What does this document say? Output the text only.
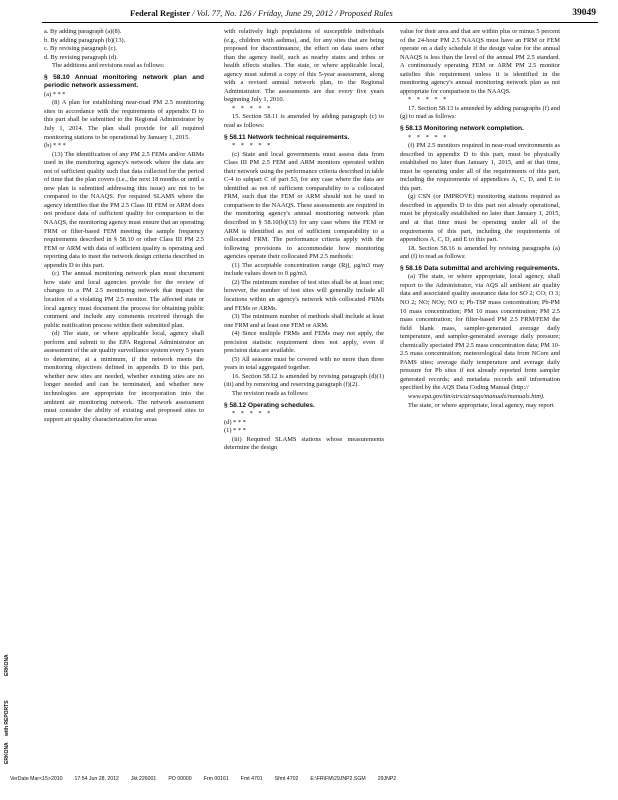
Federal Register / Vol. 77, No. 126 / Friday, June 29, 2012 / Proposed Rules	39049

a. By adding paragraph (a)(8).

b. By adding paragraph (b)(13).

c. By revising paragraph (c).

d. By revising paragraph (d).

The additions and revisions read as follows:

§ 58.10 Annual monitoring network plan and periodic network assessment.

(a) * * *

(8) A plan for establishing near-road PM 2.5 monitoring sites in accordance with the requirements of appendix D to this part shall be submitted to the Regional Administrator by July 1, 2014. The plan shall provide for all required monitoring stations to be operational by January 1, 2015.

(b) * * *

(13) The identification of any PM 2.5 FEMs and/or ARMs used in the monitoring agency's network where the data are not of sufficient quality such that data collected for the period of time that the plan covers (i.e., the next 18 months or until a new plan is submitted addressing this issue) are not to be compared to the NAAQS. For required SLAMS where the agency identifies that the PM 2.5 Class III FEM or ARM does not produce data of sufficient quality for comparison to the NAAQS, the monitoring agency must ensure that an operating FRM or filter-based FEM meeting the sample frequency requirements described in § 58.10 or other Class III PM 2.5 FEM or ARM with data of sufficient quality is operating and reporting data to meet the network design criteria described in appendix D to this part.

(c) The annual monitoring network plan must document how state and local agencies provide for the review of changes to a PM 2.5 monitoring network that impact the location of a violating PM 2.5 monitor. The affected state or local agency must document the process for obtaining public comment and include any comments received through the public notification process within their submitted plan.

(d) The state, or where applicable local, agency shall perform and submit to the EPA Regional Administrator an assessment of the air quality surveillance system every 5 years to determine, at a minimum, if the network meets the monitoring objectives defined in appendix D to this part, whether new sites are needed, whether existing sites are no longer needed and can be terminated, and whether new technologies are appropriate for incorporation into the ambient air monitoring network. The network assessment must consider the ability of existing and proposed sites to support air quality characterization for areas

with relatively high populations of susceptible individuals (e.g., children with asthma), and, for any sites that are being proposed for discontinuance, the effect on data users other than the agency itself, such as nearby states and tribes or health effects studies. The state, or where applicable local, agency must submit a copy of this 5-year assessment, along with a revised annual network plan, to the Regional Administrator. The assessments are due every five years beginning July 1, 2010.

* * * * *

15. Section 58.11 is amended by adding paragraph (c) to read as follows:

§ 58.11 Network technical requirements.

* * * * *

(c) State and local governments must assess data from Class III PM 2.5 FEM and ARM monitors operated within their network using the performance criteria described in table C-4 to subpart C of part 53, for any case where the data are identified as not of sufficient comparability to a collocated FRM, such that the FEM or ARM should not be used in comparison to the NAAQS. These assessments are required in the monitoring agency's annual monitoring network plan described in § 58.10(b)(13) for any case where the FEM or ARM is identified as not of sufficient comparability to a collocated FRM. The performance criteria apply with the following provisions to accommodate how monitoring agencies operate their collocated PM 2.5 methods:

(1) The acceptable concentration range (Rj), μg/m3 may include values down to 0 μg/m3.

(2) The minimum number of test sites shall be at least one; however, the number of test sites will generally include all locations within an agency's network with collocated FRMs and FEMs or ARMs.

(3) The minimum number of methods shall include at least one FRM and at least one FEM or ARM.

(4) Since multiple FRMs and FEMs may not apply, the precision statistic requirement does not apply, even if precision data are available.

(5) All seasons must be covered with no more than three years in total aggregated together.

16. Section 58.12 is amended by revising paragraph (d)(1)(iii) and by removing and reserving paragraph (f)(2).

The revision reads as follows:

§ 58.12 Operating schedules.

* * * * *

(d) * * *

(1) * * *

(iii) Required SLAMS stations whose measurements determine the design

value for their area and that are within plus or minus 5 percent of the 24-hour PM 2.5 NAAQS must have an FRM or FEM operate on a daily schedule if the design value for the annual NAAQS is less than the level of the annual PM 2.5 standard. A continuously operating FEM or ARM PM 2.5 monitor satisfies this requirement unless it is identified in the monitoring agency's annual monitoring network plan as not appropriate for comparison to the NAAQS.

* * * * *

17. Section 58.13 is amended by adding paragraphs (f) and (g) to read as follows:

§ 58.13 Monitoring network completion.

* * * * *

(f) PM 2.5 monitors required in near-road environments as described in appendix D to this part, must be physically established no later than January 1, 2015, and at that time, must be operating under all of the requirements of this part, including the requirements of appendices A, C, D, and E to this part.

(g) CSN (or IMPROVE) monitoring stations required as described in appendix D to this part not already operational, must be physically established no later than January 1, 2015, and at that time must be operating under all of the requirements of this part, including the requirements of appendices A, C, D, and E to this part.

18. Section 58.16 is amended by revising paragraphs (a) and (f) to read as follows:

§ 58.16 Data submittal and archiving requirements.

(a) The state, or where appropriate, local agency, shall report to the Administrator, via AQS all ambient air quality data and associated quality assurance data for SO 2; CO; O 3; NO 2; NO; NOy; NO x; Pb-TSP mass concentration; Pb-PM 10 mass concentration; PM 10 mass concentration; PM 2.5 mass concentration; for filter-based PM 2.5 FRM/FEM the field blank mass, sampler-generated average daily temperature, and sampler-generated average daily pressure; chemically speciated PM 2.5 mass concentration data; PM 10-2.5 mass concentration; meteorological data from NCore and PAMS sites; average daily temperature and average daily pressure for Pb sites if not already reported from sampler generated records; and metadata records and information specified by the AQS Data Coding Manual (http://

www.epa.gov/ttn/airs/airsaqs/manuals/manuals.htm).

The state, or where appropriate, local agency, may report

ERKONA
with REPORTS
ERKONA
VerDate Mar<15>2010 17:54 Jun 28, 2012 Jkt 226001 PO 00000 Frm 00161 Fmt 4701 Sfmt 4702 E:\FR\FM\29JNP2.SGM 29JNP2
